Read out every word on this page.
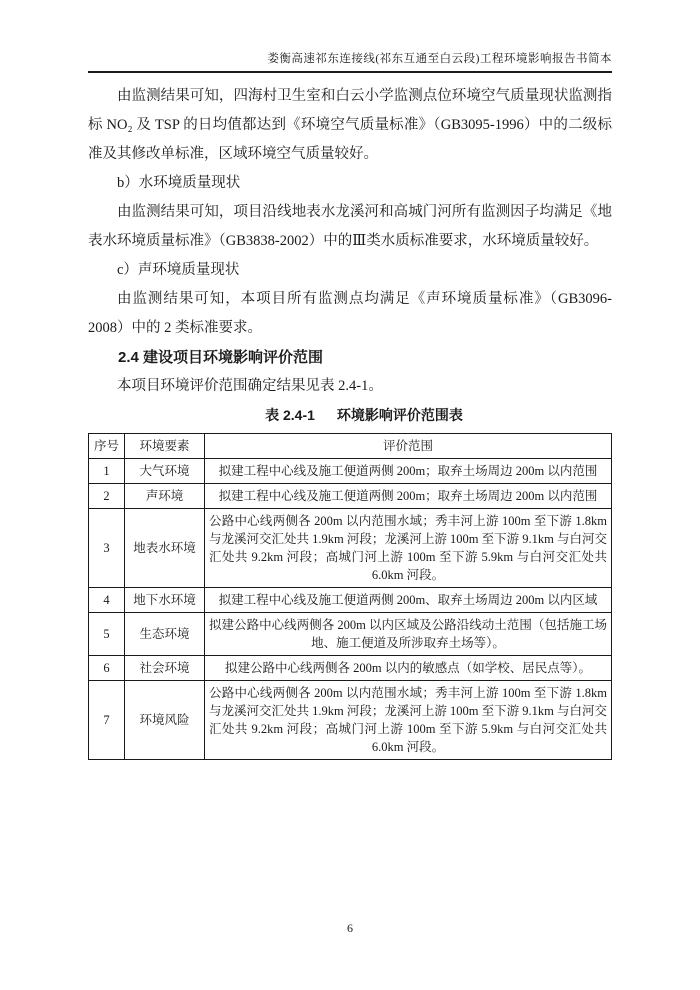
娄衡高速祁东连接线(祁东互通至白云段)工程环境影响报告书简本

由监测结果可知，四海村卫生室和白云小学监测点位环境空气质量现状监测指标 NO₂ 及 TSP 的日均值都达到《环境空气质量标准》（GB3095-1996）中的二级标准及其修改单标准，区域环境空气质量较好。

b）水环境质量现状

由监测结果可知，项目沿线地表水龙溪河和高城门河所有监测因子均满足《地表水环境质量标准》（GB3838-2002）中的Ⅲ类水质标准要求，水环境质量较好。

c）声环境质量现状

由监测结果可知，本项目所有监测点均满足《声环境质量标准》（GB3096-2008）中的 2 类标准要求。

2.4 建设项目环境影响评价范围

本项目环境评价范围确定结果见表 2.4-1。

表 2.4-1 环境影响评价范围表

序号	环境要素	评价范围
1	大气环境	拟建工程中心线及施工便道两侧 200m；取弃土场周边 200m 以内范围
2	声环境	拟建工程中心线及施工便道两侧 200m；取弃土场周边 200m 以内范围
3	地表水环境	公路中心线两侧各 200m 以内范围水域；秀丰河上游 100m 至下游 1.8km 与龙溪河交汇处共 1.9km 河段；龙溪河上游 100m 至下游 9.1km 与白河交汇处共 9.2km 河段；高城门河上游 100m 至下游 5.9km 与白河交汇处共 6.0km 河段。
4	地下水环境	拟建工程中心线及施工便道两侧 200m、取弃土场周边 200m 以内区域
5	生态环境	拟建公路中心线两侧各 200m 以内区域及公路沿线动土范围（包括施工场地、施工便道及所涉取弃土场等）。
6	社会环境	拟建公路中心线两侧各 200m 以内的敏感点（如学校、居民点等）。
7	环境风险	公路中心线两侧各 200m 以内范围水域；秀丰河上游 100m 至下游 1.8km 与龙溪河交汇处共 1.9km 河段；龙溪河上游 100m 至下游 9.1km 与白河交汇处共 9.2km 河段；高城门河上游 100m 至下游 5.9km 与白河交汇处共 6.0km 河段。
6
